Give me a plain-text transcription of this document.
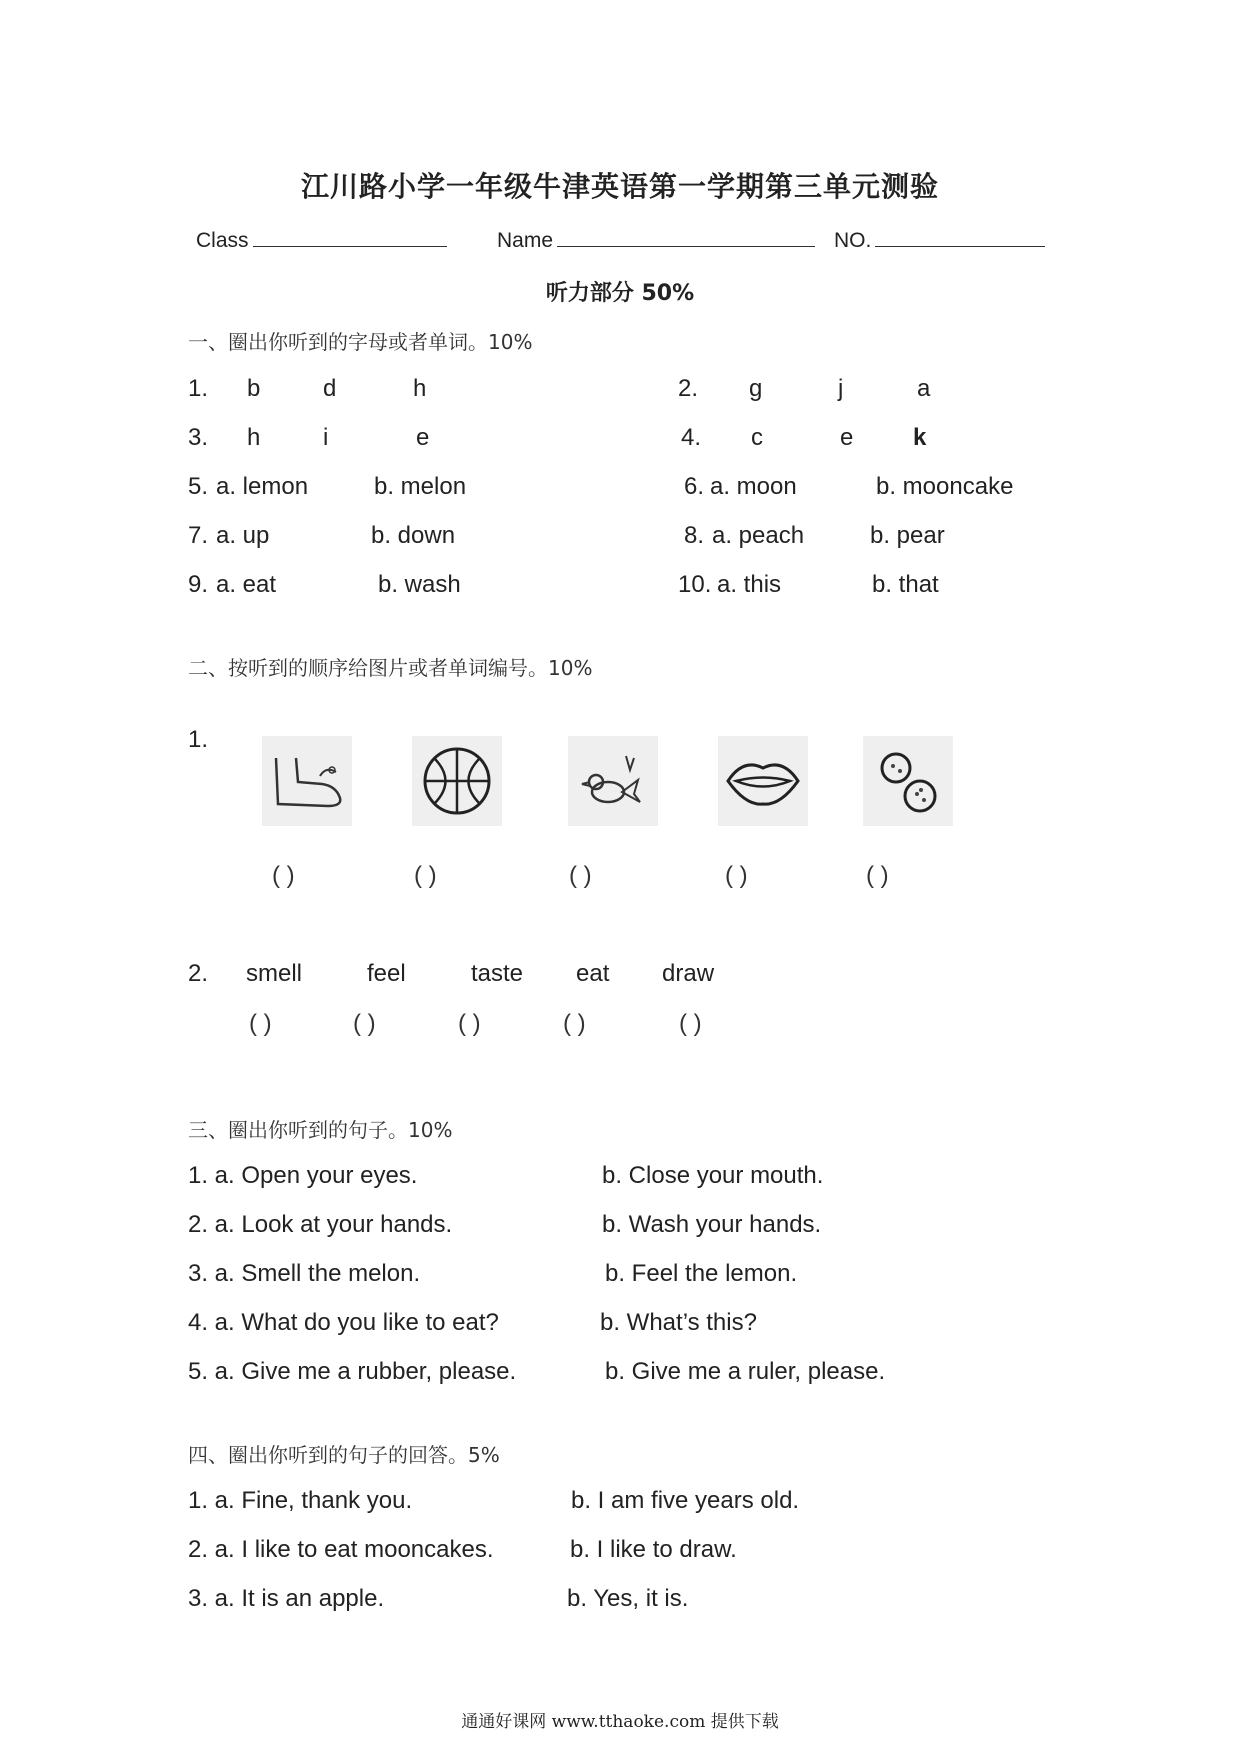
江川路小学一年级牛津英语第一学期第三单元测验
Class	Name	NO.
听力部分 50%
一、圈出你听到的字母或者单词。10%
1. b	d	h	2. g	j	a
3. h	i	e	4. c	e k
5. a. lemon	b. melon	6. a. moon	b. mooncake
7. a. up	b. down	8. a. peach	b. pear
9. a. eat	b. wash	10. a. this	b. that
二、按听到的顺序给图片或者单词编号。10%
1.
( )	( )	( )	( )	( )
2. smell	feel	taste eat draw
( )	( )	( )	( )	( )
三、圈出你听到的句子。10%
1. a. Open your eyes.	b. Close your mouth.
2. a. Look at your hands.	b. Wash your hands.
3. a. Smell the melon.	b. Feel the lemon.
4. a. What do you like to eat?	b. What’s this?
5. a. Give me a rubber, please.	b. Give me a ruler, please.
四、圈出你听到的句子的回答。5%
1. a. Fine, thank you.	b. I am five years old.
2. a. I like to eat mooncakes.	b. I like to draw.
3. a. It is an apple.	b. Yes, it is.
通通好课网 www.tthaoke.com 提供下载
